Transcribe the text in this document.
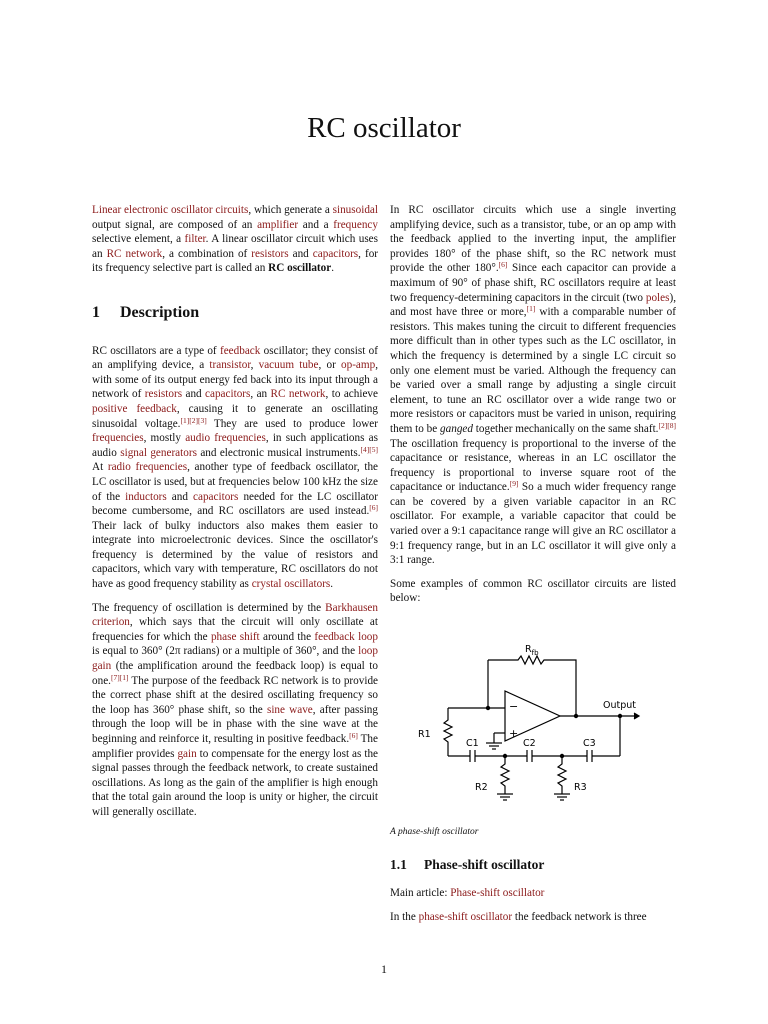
RC oscillator

Linear electronic oscillator circuits, which generate a sinusoidal output signal, are composed of an amplifier and a frequency selective element, a filter. A linear oscillator circuit which uses an RC network, a combination of resistors and capacitors, for its frequency selective part is called an RC oscillator.

1 Description

RC oscillators are a type of feedback oscillator; they consist of an amplifying device, a transistor, vacuum tube, or op-amp, with some of its output energy fed back into its input through a network of resistors and capacitors, an RC network, to achieve positive feedback, causing it to generate an oscillating sinusoidal voltage.[1][2][3] They are used to produce lower frequencies, mostly audio frequencies, in such applications as audio signal generators and electronic musical instruments.[4][5] At radio frequencies, another type of feedback oscillator, the LC oscillator is used, but at frequencies below 100 kHz the size of the inductors and capacitors needed for the LC oscillator become cumbersome, and RC oscillators are used instead.[6] Their lack of bulky inductors also makes them easier to integrate into microelectronic devices. Since the oscillator's frequency is determined by the value of resistors and capacitors, which vary with temperature, RC oscillators do not have as good frequency stability as crystal oscillators.

The frequency of oscillation is determined by the Barkhausen criterion, which says that the circuit will only oscillate at frequencies for which the phase shift around the feedback loop is equal to 360° (2π radians) or a multiple of 360°, and the loop gain (the amplification around the feedback loop) is equal to one.[7][1] The purpose of the feedback RC network is to provide the correct phase shift at the desired oscillating frequency so the loop has 360° phase shift, so the sine wave, after passing through the loop will be in phase with the sine wave at the beginning and reinforce it, resulting in positive feedback.[6] The amplifier provides gain to compensate for the energy lost as the signal passes through the feedback network, to create sustained oscillations. As long as the gain of the amplifier is high enough that the total gain around the loop is unity or higher, the circuit will generally oscillate.

In RC oscillator circuits which use a single inverting amplifying device, such as a transistor, tube, or an op amp with the feedback applied to the inverting input, the amplifier provides 180° of the phase shift, so the RC network must provide the other 180°.[6] Since each capacitor can provide a maximum of 90° of phase shift, RC oscillators require at least two frequency-determining capacitors in the circuit (two poles), and most have three or more,[1] with a comparable number of resistors. This makes tuning the circuit to different frequencies more difficult than in other types such as the LC oscillator, in which the frequency is determined by a single LC circuit so only one element must be varied. Although the frequency can be varied over a small range by adjusting a single circuit element, to tune an RC oscillator over a wide range two or more resistors or capacitors must be varied in unison, requiring them to be ganged together mechanically on the same shaft.[2][8] The oscillation frequency is proportional to the inverse of the capacitance or resistance, whereas in an LC oscillator the frequency is proportional to inverse square root of the capacitance or inductance.[9] So a much wider frequency range can be covered by a given variable capacitor in an RC oscillator. For example, a variable capacitor that could be varied over a 9:1 capacitance range will give an RC oscillator a 9:1 frequency range, but in an LC oscillator it will give only a 3:1 range.

Some examples of common RC oscillator circuits are listed below:

$R_{fb}$
Output
R1
R2	R3
C1	C2	C3
−
+
A phase-shift oscillator
1.1 Phase-shift oscillator

Main article: Phase-shift oscillator

In the phase-shift oscillator the feedback network is three

1
